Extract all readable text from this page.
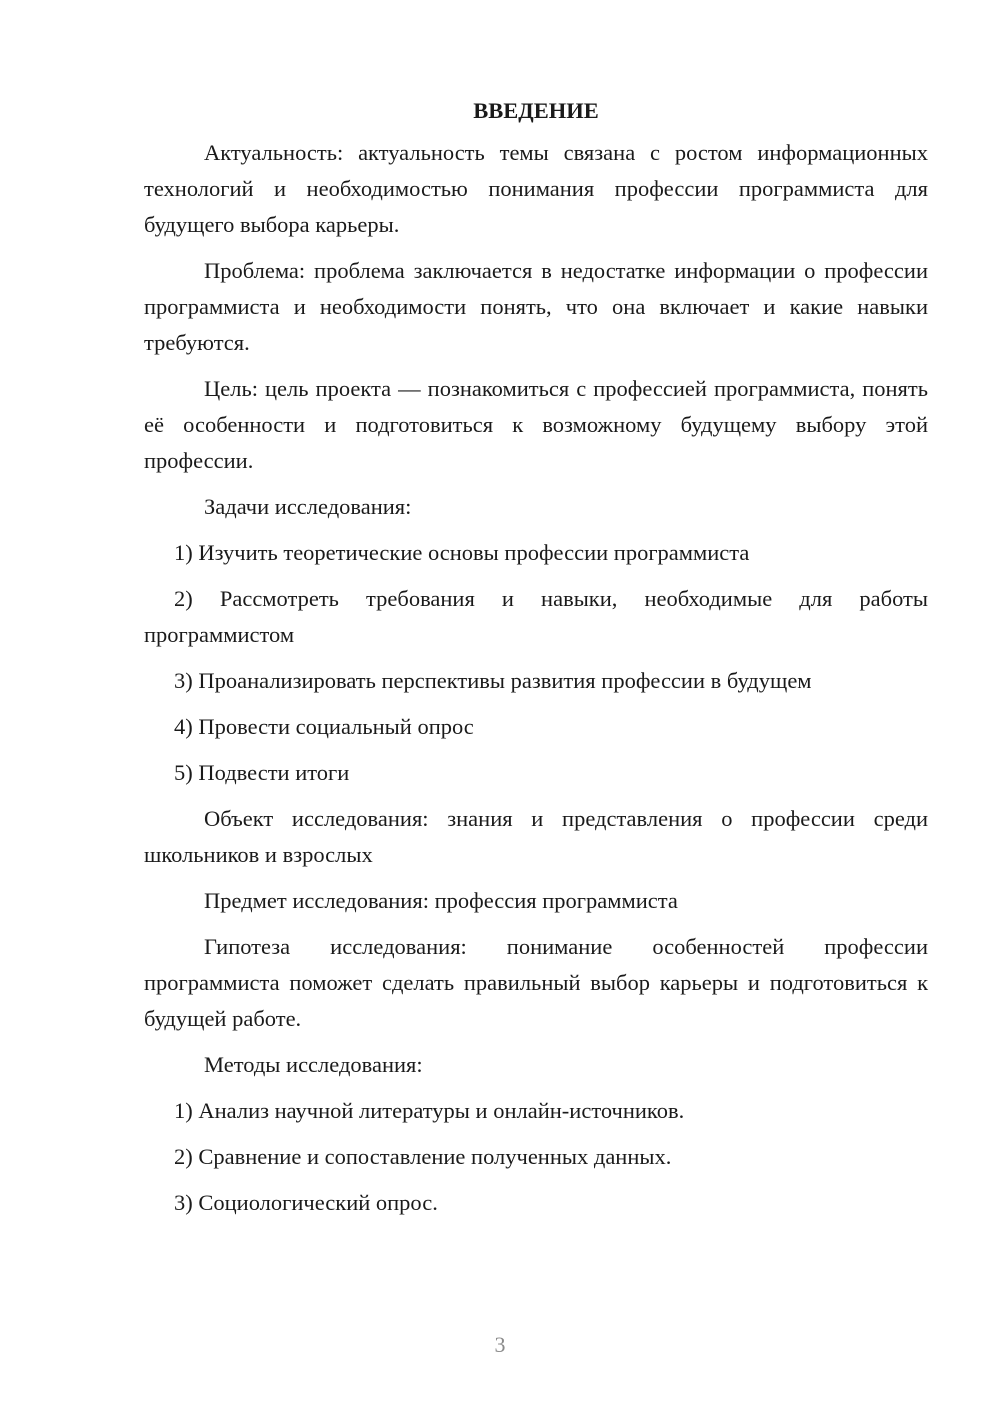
ВВЕДЕНИЕ

Актуальность: актуальность темы связана с ростом информационных технологий и необходимостью понимания профессии программиста для будущего выбора карьеры.

Проблема: проблема заключается в недостатке информации о профессии программиста и необходимости понять, что она включает и какие навыки требуются.

Цель: цель проекта — познакомиться с профессией программиста, понять её особенности и подготовиться к возможному будущему выбору этой профессии.

Задачи исследования:

1) Изучить теоретические основы профессии программиста

2) Рассмотреть требования и навыки, необходимые для работы программистом

3) Проанализировать перспективы развития профессии в будущем

4) Провести социальный опрос

5) Подвести итоги

Объект исследования: знания и представления о профессии среди школьников и взрослых

Предмет исследования: профессия программиста

Гипотеза исследования: понимание особенностей профессии программиста поможет сделать правильный выбор карьеры и подготовиться к будущей работе.

Методы исследования:

1) Анализ научной литературы и онлайн-источников.

2) Сравнение и сопоставление полученных данных.

3) Социологический опрос.

3
